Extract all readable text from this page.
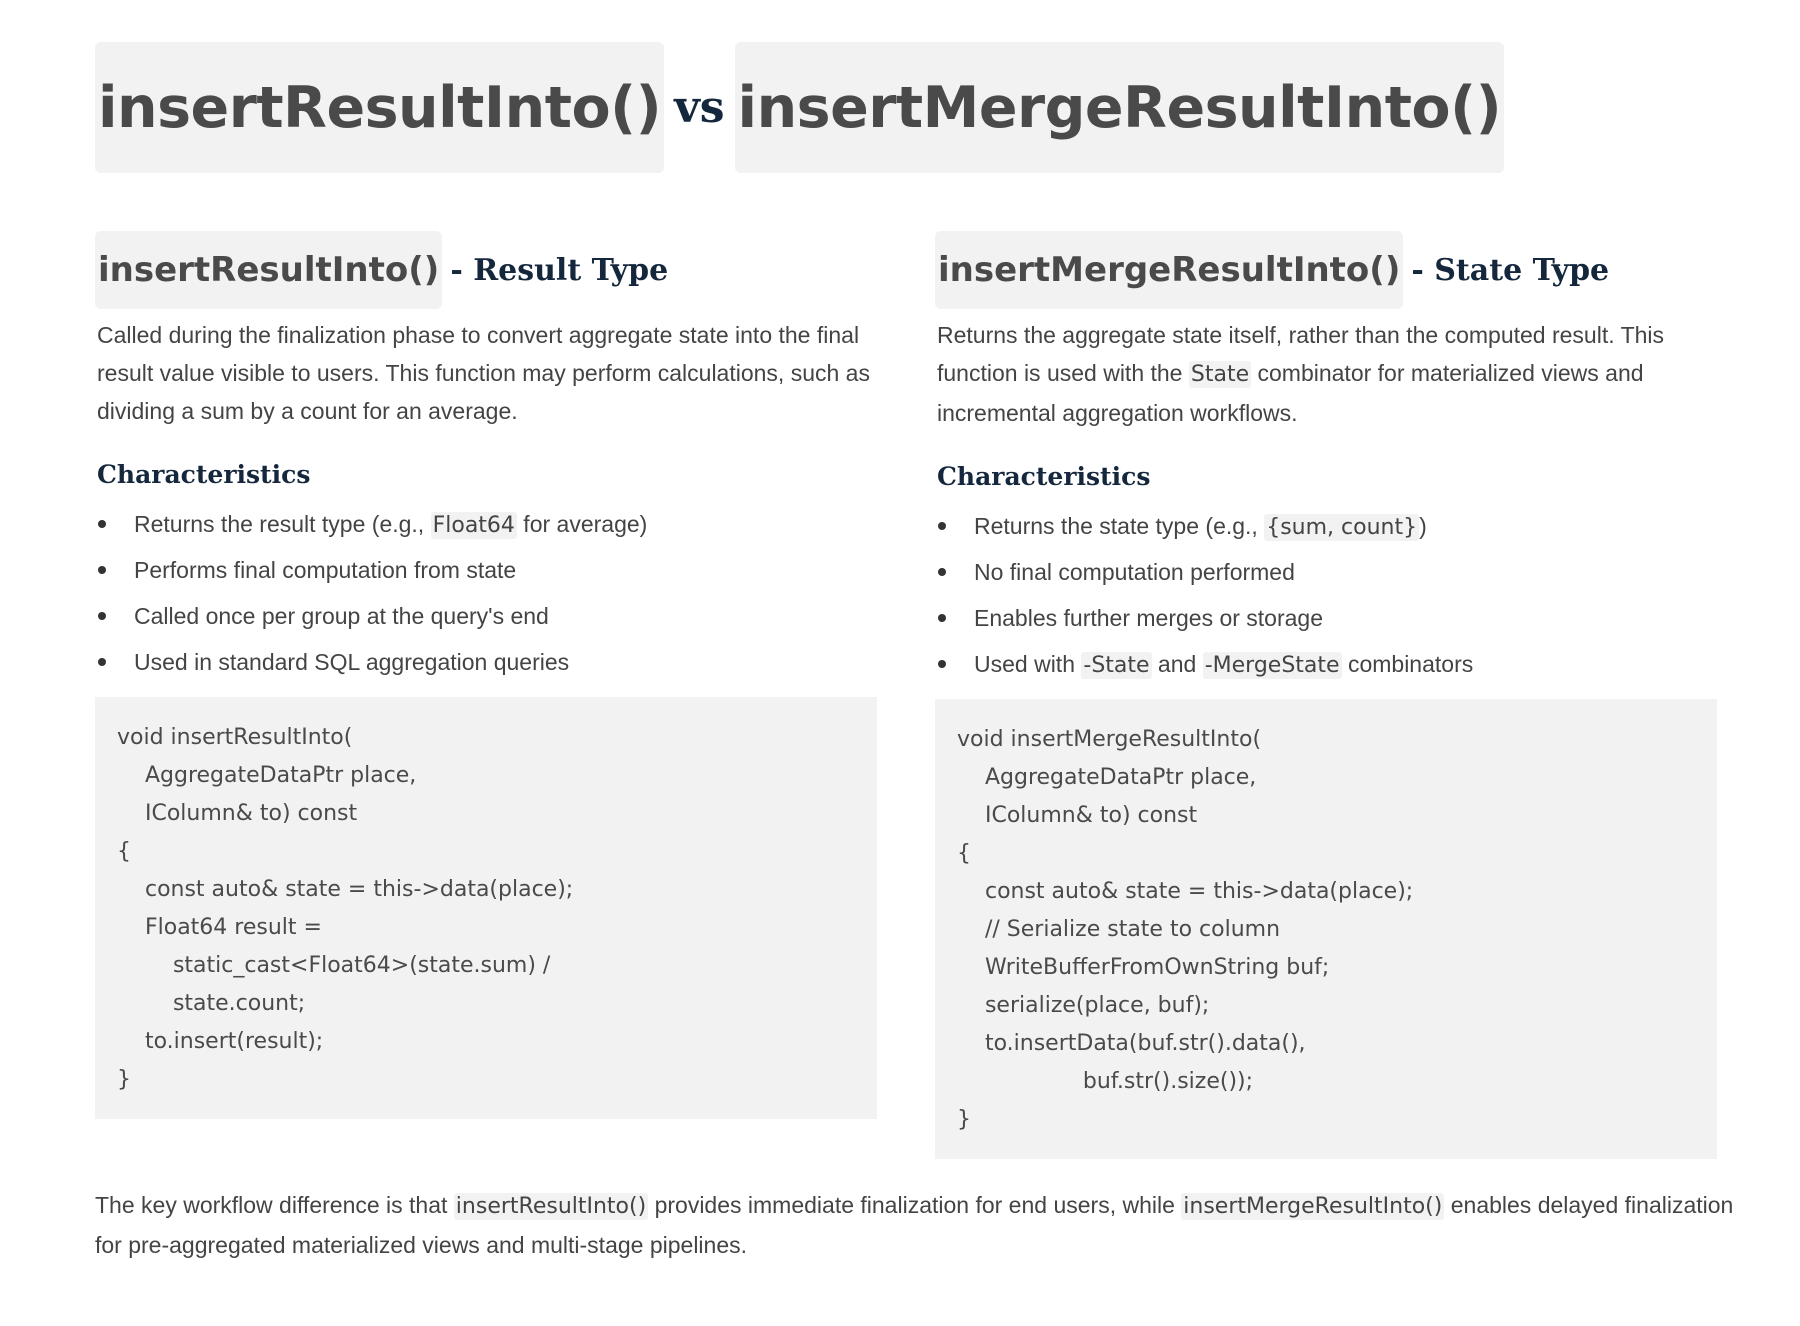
insertResultInto() vs insertMergeResultInto()
insertResultInto() - Result Type

Called during the finalization phase to convert aggregate state into the final result value visible to users. This function may perform calculations, such as dividing a sum by a count for an average.

Characteristics
Returns the result type (e.g., Float64 for average)
Performs final computation from state
Called once per group at the query's end
Used in standard SQL aggregation queries
void insertResultInto(
AggregateDataPtr place,
IColumn& to) const
{
const auto& state = this->data(place);
Float64 result =
static_cast<Float64>(state.sum) /
state.count;
to.insert(result);
}
insertMergeResultInto() - State Type

Returns the aggregate state itself, rather than the computed result. This function is used with the State combinator for materialized views and incremental aggregation workflows.

Characteristics
Returns the state type (e.g., {sum, count})
No final computation performed
Enables further merges or storage
Used with -State and -MergeState combinators
void insertMergeResultInto(
AggregateDataPtr place,
IColumn& to) const
{
const auto& state = this->data(place);
// Serialize state to column
WriteBufferFromOwnString buf;
serialize(place, buf);
to.insertData(buf.str().data(),
buf.str().size());
}

The key workflow difference is that insertResultInto() provides immediate finalization for end users, while insertMergeResultInto() enables delayed finalization for pre-aggregated materialized views and multi-stage pipelines.
